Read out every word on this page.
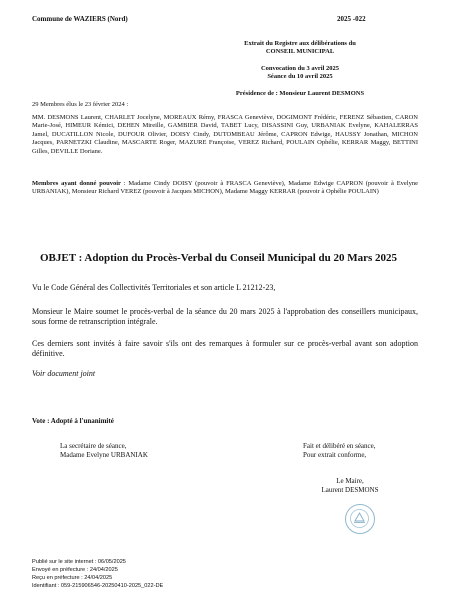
Commune de WAZIERS (Nord)	2025 -022
Extrait du Registre aux délibérations du
CONSEIL MUNICIPAL
Convocation du 3 avril 2025
Séance du 10 avril 2025
Présidence de : Monsieur Laurent DESMONS
29 Membres élus le 23 février 2024 :
MM. DESMONS Laurent, CHARLET Jocelyne, MOREAUX Rémy, FRASCA Geneviève, DOGIMONT Frédéric, FERENZ Sébastien, CARON Marie-José, HIMEUR Kémici, DEHEN Mireille, GAMBIER David, TABET Lucy, DISASSINI Guy, URBANIAK Evelyne, KAHALERRAS Jamel, DUCATILLON Nicole, DUFOUR Olivier, DOISY Cindy, DUTOMBEAU Jérôme, CAPRON Edwige, HAUSSY Jonathan, MICHON Jacques, PARNETZKI Claudine, MASCARTE Roger, MAZURE Françoise, VEREZ Richard, POULAIN Ophélie, KERRAR Maggy, BETTINI Gilles, DEVILLE Doriane.
Membres ayant donné pouvoir : Madame Cindy DOISY (pouvoir à FRASCA Geneviève), Madame Edwige CAPRON (pouvoir à Evelyne URBANIAK), Monsieur Richard VEREZ (pouvoir à Jacques MICHON), Madame Maggy KERRAR (pouvoir à Ophélie POULAIN)
OBJET : Adoption du Procès-Verbal du Conseil Municipal du 20 Mars 2025
Vu le Code Général des Collectivités Territoriales et son article L 21212-23,
Monsieur le Maire soumet le procès-verbal de la séance du 20 mars 2025 à l'approbation des conseillers municipaux, sous forme de retranscription intégrale.
Ces derniers sont invités à faire savoir s'ils ont des remarques à formuler sur ce procès-verbal avant son adoption définitive.
Voir document joint
Vote : Adopté à l'unanimité
La secrétaire de séance,
Madame Evelyne URBANIAK
Fait et délibéré en séance,
Pour extrait conforme,
Le Maire,
Laurent DESMONS
Publié sur le site internet : 06/05/2025
Envoyé en préfecture : 24/04/2025
Reçu en préfecture : 24/04/2025
Identifiant : 059-215906546-20250410-2025_022-DE
